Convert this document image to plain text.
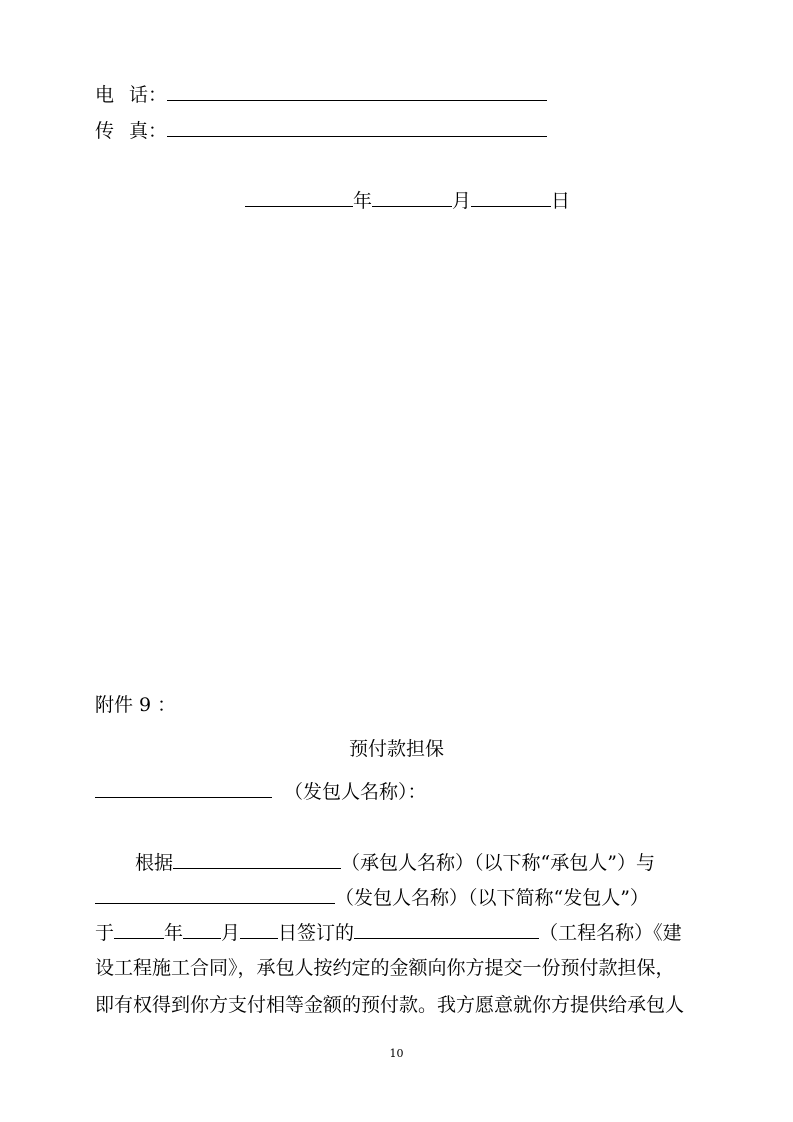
电 话：
传 真：
年	月	日
附件 9 ：
预付款担保
（发包人名称）：
根据	（承包人名称）（以下称“承包人”）与
（发包人名称）（以下简称“发包人”）
于	年 月 日签订的	（工程名称）《建
设工程施工合同》，承包人按约定的金额向你方提交一份预付款担保，
即有权得到你方支付相等金额的预付款。我方愿意就你方提供给承包人
10
